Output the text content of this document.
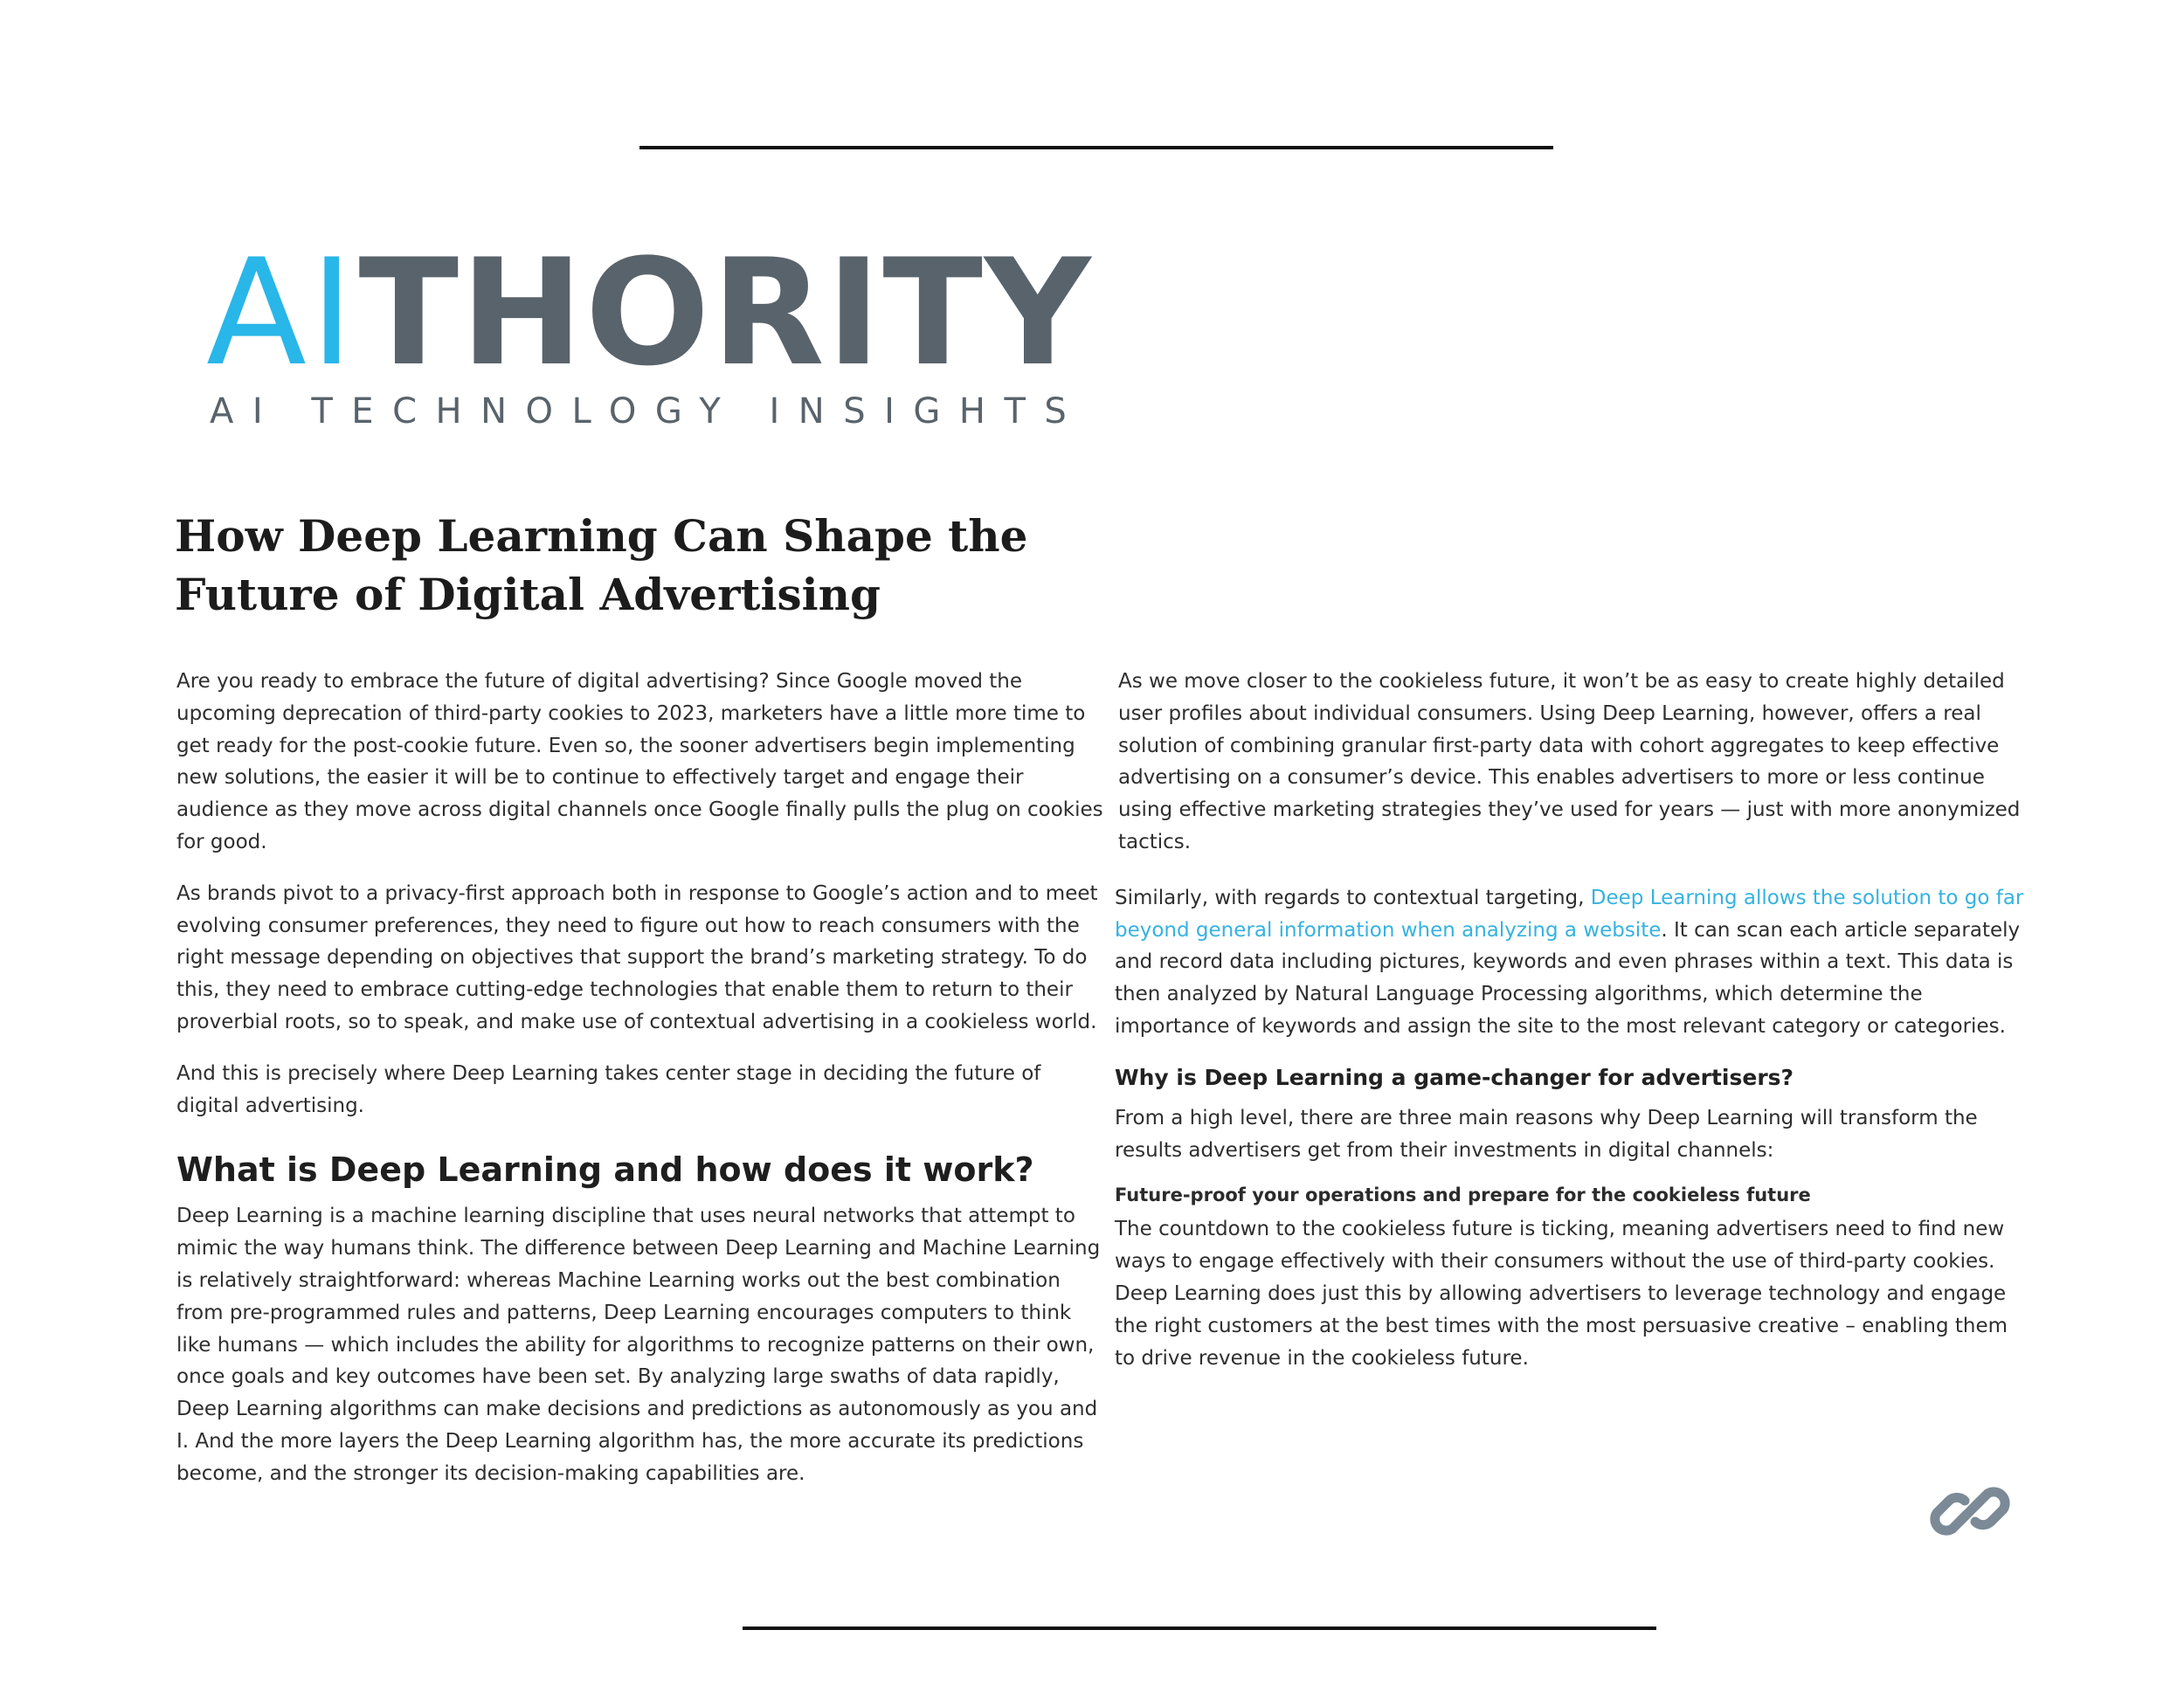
AITHORITY
AI TECHNOLOGY INSIGHTS
How Deep Learning Can Shape the Future of Digital Advertising

Are you ready to embrace the future of digital advertising? Since Google moved the upcoming deprecation of third-party cookies to 2023, marketers have a little more time to get ready for the post-cookie future. Even so, the sooner advertisers begin implementing new solutions, the easier it will be to continue to effectively target and engage their audience as they move across digital channels once Google finally pulls the plug on cookies for good.

As brands pivot to a privacy-first approach both in response to Google’s action and to meet evolving consumer preferences, they need to figure out how to reach consumers with the right message depending on objectives that support the brand’s marketing strategy. To do this, they need to embrace cutting-edge technologies that enable them to return to their proverbial roots, so to speak, and make use of contextual advertising in a cookieless world.

And this is precisely where Deep Learning takes center stage in deciding the future of digital advertising.

What is Deep Learning and how does it work?

Deep Learning is a machine learning discipline that uses neural networks that attempt to mimic the way humans think. The difference between Deep Learning and Machine Learning is relatively straightforward: whereas Machine Learning works out the best combination from pre-programmed rules and patterns, Deep Learning encourages computers to think like humans — which includes the ability for algorithms to recognize patterns on their own, once goals and key outcomes have been set. By analyzing large swaths of data rapidly, Deep Learning algorithms can make decisions and predictions as autonomously as you and I. And the more layers the Deep Learning algorithm has, the more accurate its predictions become, and the stronger its decision-making capabilities are.

As we move closer to the cookieless future, it won’t be as easy to create highly detailed user profiles about individual consumers. Using Deep Learning, however, offers a real solution of combining granular first-party data with cohort aggregates to keep effective advertising on a consumer’s device. This enables advertisers to more or less continue using effective marketing strategies they’ve used for years — just with more anonymized tactics.

Similarly, with regards to contextual targeting, Deep Learning allows the solution to go far beyond general information when analyzing a website. It can scan each article separately and record data including pictures, keywords and even phrases within a text. This data is then analyzed by Natural Language Processing algorithms, which determine the importance of keywords and assign the site to the most relevant category or categories.

Why is Deep Learning a game-changer for advertisers?

From a high level, there are three main reasons why Deep Learning will transform the results advertisers get from their investments in digital channels:

Future-proof your operations and prepare for the cookieless future

The countdown to the cookieless future is ticking, meaning advertisers need to find new ways to engage effectively with their consumers without the use of third-party cookies. Deep Learning does just this by allowing advertisers to leverage technology and engage the right customers at the best times with the most persuasive creative – enabling them to drive revenue in the cookieless future.
